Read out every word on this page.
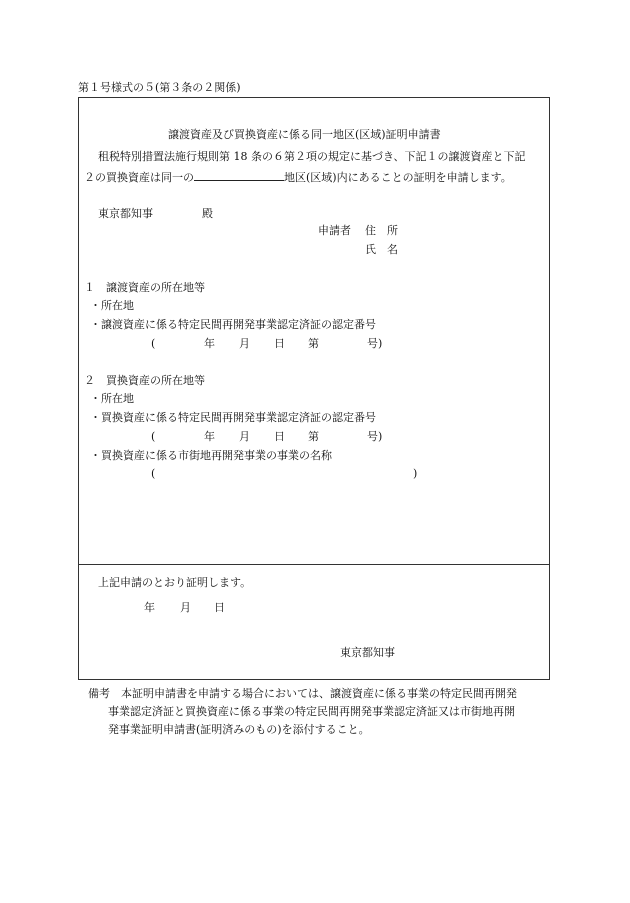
第１号様式の５(第３条の２関係)
譲渡資産及び買換資産に係る同一地区(区域)証明申請書
租税特別措置法施行規則第 18 条の６第２項の規定に基づき、下記１の譲渡資産と下記
２の買換資産は同一の	地区(区域)内にあることの証明を申請します。
東京都知事	殿
申請者 住　所
氏　名
１　譲渡資産の所在地等
・所在地
・譲渡資産に係る特定民間再開発事業認定済証の認定番号
(	年 月 日 第	号)
２　買換資産の所在地等
・所在地
・買換資産に係る特定民間再開発事業認定済証の認定番号
(	年 月 日 第	号)
・買換資産に係る市街地再開発事業の事業の名称
(	)
上記申請のとおり証明します。
年 月 日
東京都知事
備考　 本証明申請書を申請する場合においては、譲渡資産に係る事業の特定民間再開発
事業認定済証と買換資産に係る事業の特定民間再開発事業認定済証又は市街地再開
発事業証明申請書(証明済みのもの)を添付すること。
